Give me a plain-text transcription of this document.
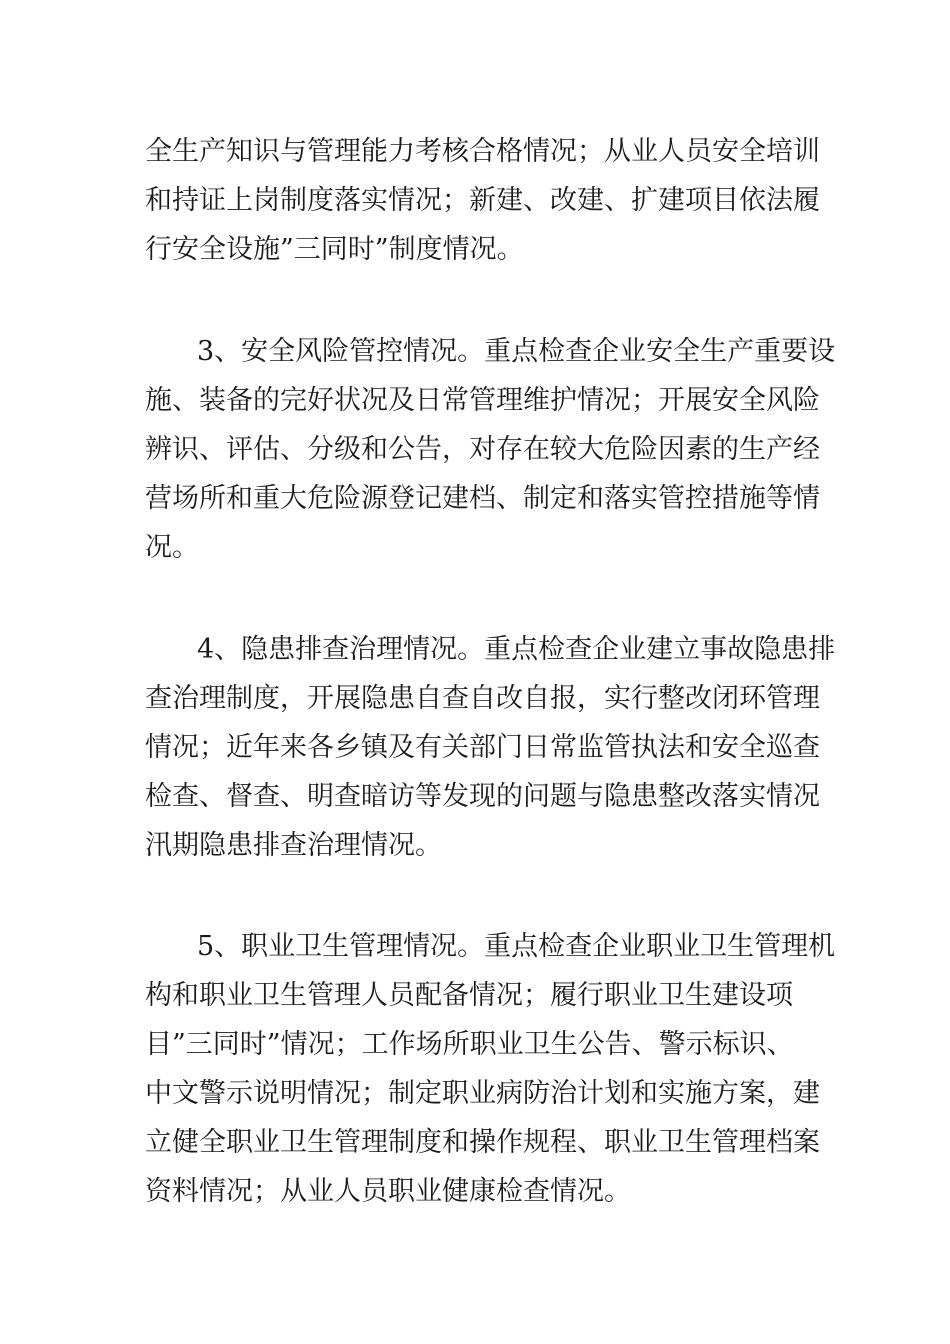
全生产知识与管理能力考核合格情况；从业人员安全培训
和持证上岗制度落实情况；新建、改建、扩建项目依法履
行安全设施”三同时”制度情况。
3、安全风险管控情况。重点检查企业安全生产重要设
施、装备的完好状况及日常管理维护情况；开展安全风险
辨识、评估、分级和公告，对存在较大危险因素的生产经
营场所和重大危险源登记建档、制定和落实管控措施等情
况。
4、隐患排查治理情况。重点检查企业建立事故隐患排
查治理制度，开展隐患自查自改自报，实行整改闭环管理
情况；近年来各乡镇及有关部门日常监管执法和安全巡查
检查、督查、明查暗访等发现的问题与隐患整改落实情况
汛期隐患排查治理情况。
5、职业卫生管理情况。重点检查企业职业卫生管理机
构和职业卫生管理人员配备情况；履行职业卫生建设项
目”三同时”情况；工作场所职业卫生公告、警示标识、
中文警示说明情况；制定职业病防治计划和实施方案，建
立健全职业卫生管理制度和操作规程、职业卫生管理档案
资料情况；从业人员职业健康检查情况。
